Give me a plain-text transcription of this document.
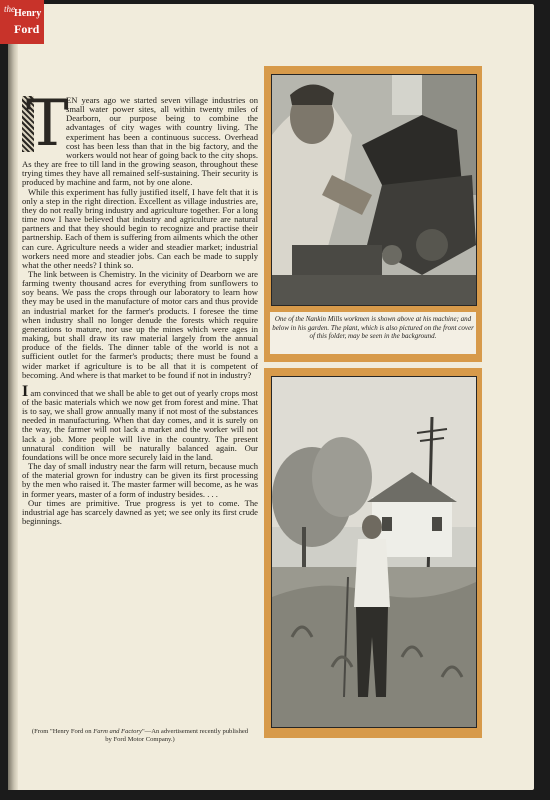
the Henry
Ford
T

EN years ago we started seven village industries on small water power sites, all within twenty miles of Dearborn, our purpose being to combine the advantages of city wages with country living. The experiment has been a continuous success. Overhead cost has been less than that in the big factory, and the workers would not hear of going back to the city shops. As they are free to till land in the growing season, throughout these trying times they have all remained self-sustaining. Their security is produced by machine and farm, not by one alone.

While this experiment has fully justified itself, I have felt that it is only a step in the right direction. Excellent as village industries are, they do not really bring industry and agriculture together. For a long time now I have believed that industry and agriculture are natural partners and that they should begin to recognize and practise their partnership. Each of them is suffering from ailments which the other can cure. Agriculture needs a wider and steadier market; industrial workers need more and steadier jobs. Can each be made to supply what the other needs? I think so.

The link between is Chemistry. In the vicinity of Dearborn we are farming twenty thousand acres for everything from sunflowers to soy beans. We pass the crops through our laboratory to learn how they may be used in the manufacture of motor cars and thus provide an industrial market for the farmer's products. I foresee the time when industry shall no longer denude the forests which require generations to mature, nor use up the mines which were ages in making, but shall draw its raw material largely from the annual produce of the fields. The dinner table of the world is not a sufficient outlet for the farmer's products; there must be found a wider market if agriculture is to be all that it is competent of becoming. And where is that market to be found if not in industry?

I am convinced that we shall be able to get out of yearly crops most of the basic materials which we now get from forest and mine. That is to say, we shall grow annually many if not most of the substances needed in manufacturing. When that day comes, and it is surely on the way, the farmer will not lack a market and the worker will not lack a job. More people will live in the country. The present unnatural condition will be naturally balanced again. Our foundations will be once more securely laid in the land.

The day of small industry near the farm will return, because much of the material grown for industry can be given its first processing by the men who raised it. The master farmer will become, as he was in former years, master of a form of industry besides. . . .

Our times are primitive. True progress is yet to come. The industrial age has scarcely dawned as yet; we see only its first crude beginnings.

(From "Henry Ford on Farm and Factory"—An advertisement recently published by Ford Motor Company.)
One of the Nankin Mills workmen is shown above at his machine; and below in his garden. The plant, which is also pictured on the front cover of this folder, may be seen in the background.
